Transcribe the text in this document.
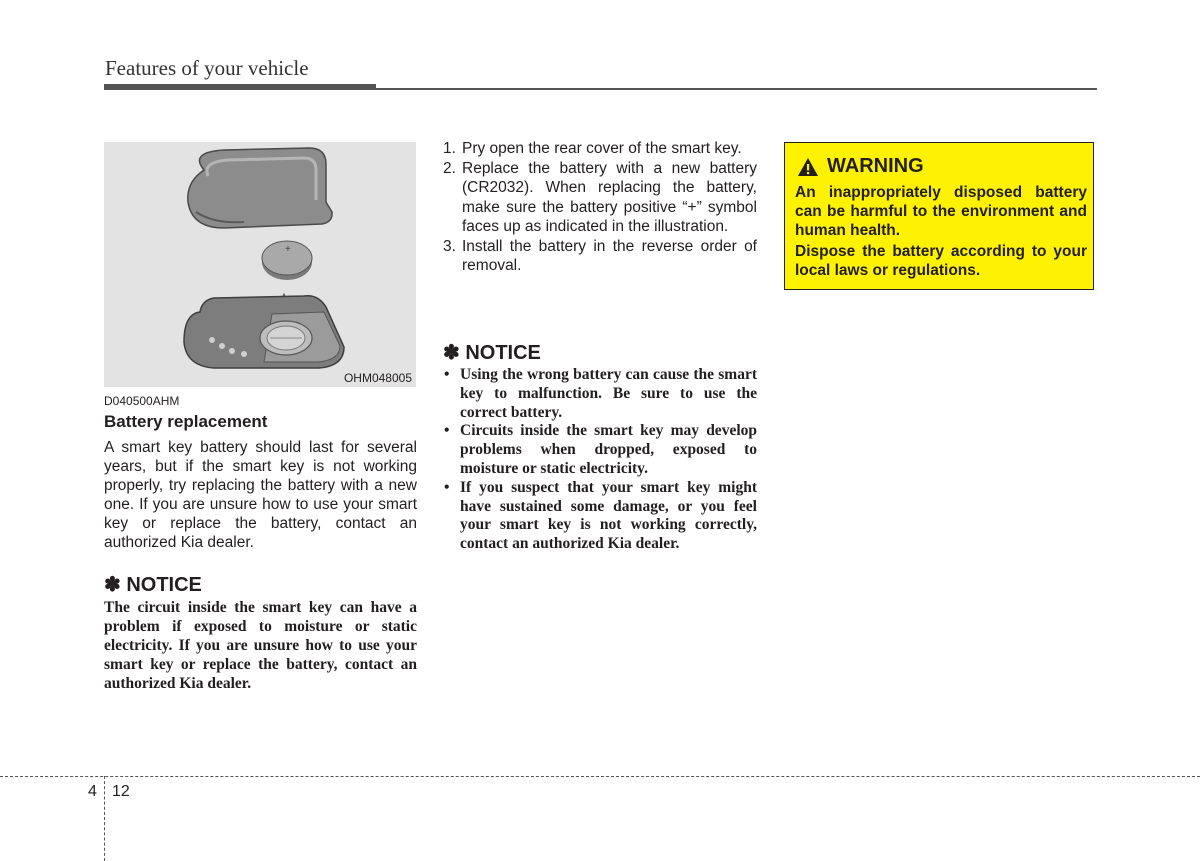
Features of your vehicle
+
OHM048005
D040500AHM
Battery replacement
A smart key battery should last for several years, but if the smart key is not working properly, try replacing the battery with a new one. If you are unsure how to use your smart key or replace the battery, contact an authorized Kia dealer.
✽ NOTICE
The circuit inside the smart key can have a problem if exposed to moisture or static electricity. If you are unsure how to use your smart key or replace the battery, contact an authorized Kia dealer.
1. Pry open the rear cover of the smart key.
2. Replace the battery with a new battery (CR2032). When replacing the battery, make sure the battery positive “+” symbol faces up as indicated in the illustration.
3. Install the battery in the reverse order of removal.
✽ NOTICE
• Using the wrong battery can cause the smart key to malfunction. Be sure to use the correct battery.
• Circuits inside the smart key may develop problems when dropped, exposed to moisture or static electricity.
• If you suspect that your smart key might have sustained some damage, or you feel your smart key is not working correctly, contact an authorized Kia dealer.
WARNING
An inappropriately disposed battery can be harmful to the environment and human health.
Dispose the battery according to your local laws or regulations.
4 12
